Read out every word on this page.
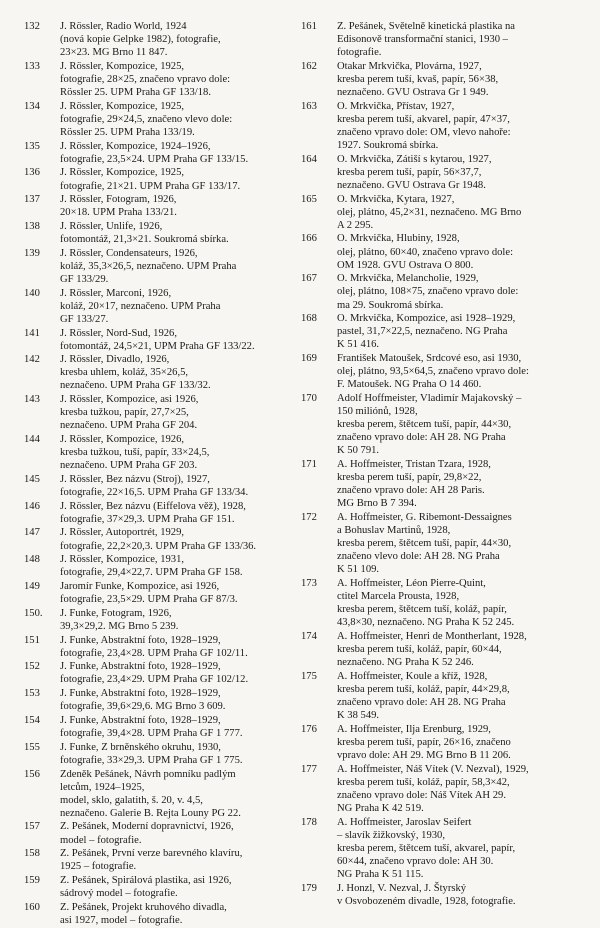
132	J. Rössler, Radio World, 1924
(nová kopie Gelpke 1982), fotografie,
23×23. MG Brno 11 847.
133	J. Rössler, Kompozice, 1925,
fotografie, 28×25, značeno vpravo dole:
Rössler 25. UPM Praha GF 133/18.
134	J. Rössler, Kompozice, 1925,
fotografie, 29×24,5, značeno vlevo dole:
Rössler 25. UPM Praha 133/19.
135	J. Rössler, Kompozice, 1924–1926,
fotografie, 23,5×24. UPM Praha GF 133/15.
136	J. Rössler, Kompozice, 1925,
fotografie, 21×21. UPM Praha GF 133/17.
137	J. Rössler, Fotogram, 1926,
20×18. UPM Praha 133/21.
138	J. Rössler, Unlife, 1926,
fotomontáž, 21,3×21. Soukromá sbírka.
139	J. Rössler, Condensateurs, 1926,
koláž, 35,3×26,5, neznačeno. UPM Praha
GF 133/29.
140	J. Rössler, Marconi, 1926,
koláž, 20×17, neznačeno. UPM Praha
GF 133/27.
141	J. Rössler, Nord-Sud, 1926,
fotomontáž, 24,5×21, UPM Praha GF 133/22.
142	J. Rössler, Divadlo, 1926,
kresba uhlem, koláž, 35×26,5,
neznačeno. UPM Praha GF 133/32.
143	J. Rössler, Kompozice, asi 1926,
kresba tužkou, papír, 27,7×25,
neznačeno. UPM Praha GF 204.
144	J. Rössler, Kompozice, 1926,
kresba tužkou, tuší, papír, 33×24,5,
neznačeno. UPM Praha GF 203.
145	J. Rössler, Bez názvu (Stroj), 1927,
fotografie, 22×16,5. UPM Praha GF 133/34.
146	J. Rössler, Bez názvu (Eiffelova věž), 1928,
fotografie, 37×29,3. UPM Praha GF 151.
147	J. Rössler, Autoportrét, 1929,
fotografie, 22,2×20,3. UPM Praha GF 133/36.
148	J. Rössler, Kompozice, 1931,
fotografie, 29,4×22,7. UPM Praha GF 158.
149	Jaromír Funke, Kompozice, asi 1926,
fotografie, 23,5×29. UPM Praha GF 87/3.
150.	J. Funke, Fotogram, 1926,
39,3×29,2. MG Brno 5 239.
151	J. Funke, Abstraktní foto, 1928–1929,
fotografie, 23,4×28. UPM Praha GF 102/11.
152	J. Funke, Abstraktní foto, 1928–1929,
fotografie, 23,4×29. UPM Praha GF 102/12.
153	J. Funke, Abstraktní foto, 1928–1929,
fotografie, 39,6×29,6. MG Brno 3 609.
154	J. Funke, Abstraktní foto, 1928–1929,
fotografie, 39,4×28. UPM Praha GF 1 777.
155	J. Funke, Z brněnského okruhu, 1930,
fotografie, 33×29,3. UPM Praha GF 1 775.
156	Zdeněk Pešánek, Návrh pomníku padlým
letcům, 1924–1925,
model, sklo, galatith, š. 20, v. 4,5,
neznačeno. Galerie B. Rejta Louny PG 22.
157	Z. Pešánek, Moderní dopravnictví, 1926,
model – fotografie.
158	Z. Pešánek, První verze barevného klavíru,
1925 – fotografie.
159	Z. Pešánek, Spirálová plastika, asi 1926,
sádrový model – fotografie.
160	Z. Pešánek, Projekt kruhového divadla,
asi 1927, model – fotografie.
161	Z. Pešánek, Světelně kinetická plastika na
Edisonově transformační stanici, 1930 –
fotografie.
162	Otakar Mrkvička, Plovárna, 1927,
kresba perem tuší, kvaš, papír, 56×38,
neznačeno. GVU Ostrava Gr 1 949.
163	O. Mrkvička, Přístav, 1927,
kresba perem tuší, akvarel, papír, 47×37,
značeno vpravo dole: OM, vlevo nahoře:
1927. Soukromá sbírka.
164	O. Mrkvička, Zátiší s kytarou, 1927,
kresba perem tuší, papír, 56×37,7,
neznačeno. GVU Ostrava Gr 1948.
165	O. Mrkvička, Kytara, 1927,
olej, plátno, 45,2×31, neznačeno. MG Brno
A 2 295.
166	O. Mrkvička, Hlubiny, 1928,
olej, plátno, 60×40, značeno vpravo dole:
OM 1928. GVU Ostrava O 800.
167	O. Mrkvička, Melancholie, 1929,
olej, plátno, 108×75, značeno vpravo dole:
ma 29. Soukromá sbírka.
168	O. Mrkvička, Kompozice, asi 1928–1929,
pastel, 31,7×22,5, neznačeno. NG Praha
K 51 416.
169	František Matoušek, Srdcové eso, asi 1930,
olej, plátno, 93,5×64,5, značeno vpravo dole:
F. Matoušek. NG Praha O 14 460.
170	Adolf Hoffmeister, Vladimír Majakovský –
150 miliónů, 1928,
kresba perem, štětcem tuší, papír, 44×30,
značeno vpravo dole: AH 28. NG Praha
K 50 791.
171	A. Hoffmeister, Tristan Tzara, 1928,
kresba perem tuší, papír, 29,8×22,
značeno vpravo dole: AH 28 Paris.
MG Brno B 7 394.
172	A. Hoffmeister, G. Ribemont-Dessaignes
a Bohuslav Martinů, 1928,
kresba perem, štětcem tuší, papír, 44×30,
značeno vlevo dole: AH 28. NG Praha
K 51 109.
173	A. Hoffmeister, Léon Pierre-Quint,
ctitel Marcela Prousta, 1928,
kresba perem, štětcem tuší, koláž, papír,
43,8×30, neznačeno. NG Praha K 52 245.
174	A. Hoffmeister, Henri de Montherlant, 1928,
kresba perem tuší, koláž, papír, 60×44,
neznačeno. NG Praha K 52 246.
175	A. Hoffmeister, Koule a kříž, 1928,
kresba perem tuší, koláž, papír, 44×29,8,
značeno vpravo dole: AH 28. NG Praha
K 38 549.
176	A. Hoffmeister, Ilja Erenburg, 1929,
kresba perem tuší, papír, 26×16, značeno
vpravo dole: AH 29. MG Brno B 11 206.
177	A. Hoffmeister, Náš Vítek (V. Nezval), 1929,
kresba perem tuší, koláž, papír, 58,3×42,
značeno vpravo dole: Náš Vítek AH 29.
NG Praha K 42 519.
178	A. Hoffmeister, Jaroslav Seifert
– slavík žižkovský, 1930,
kresba perem, štětcem tuší, akvarel, papír,
60×44, značeno vpravo dole: AH 30.
NG Praha K 51 115.
179	J. Honzl, V. Nezval, J. Štyrský
v Osvobozeném divadle, 1928, fotografie.
